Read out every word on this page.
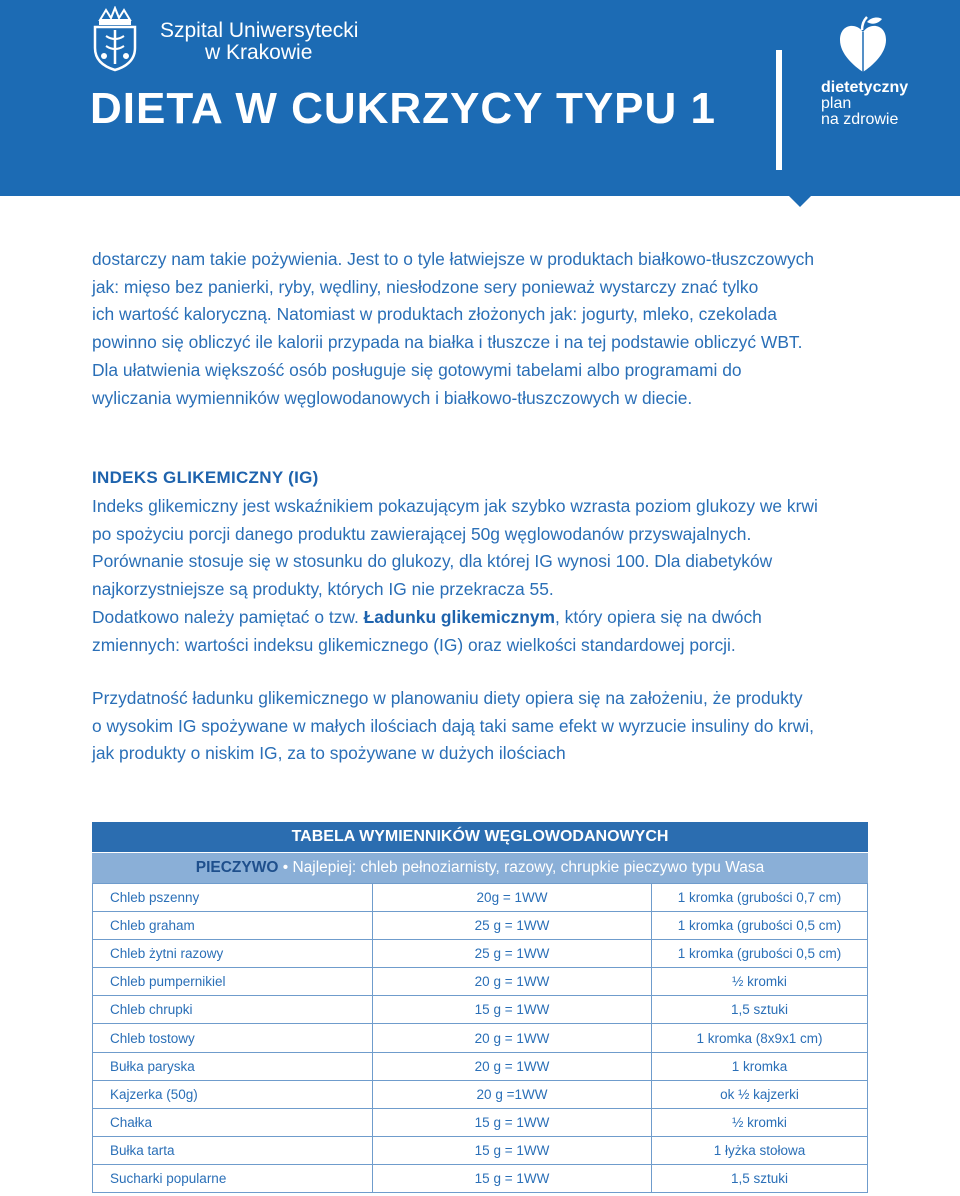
Szpital Uniwersytecki
w Krakowie
DIETA W CUKRZYCY TYPU 1	dietetyczny
plan
na zdrowie

dostarczy nam takie pożywienia. Jest to o tyle łatwiejsze w produktach białkowo-tłuszczowych

jak: mięso bez panierki, ryby, wędliny, niesłodzone sery ponieważ wystarczy znać tylko

ich wartość kaloryczną. Natomiast w produktach złożonych jak: jogurty, mleko, czekolada

powinno się obliczyć ile kalorii przypada na białka i tłuszcze i na tej podstawie obliczyć WBT.

Dla ułatwienia większość osób posługuje się gotowymi tabelami albo programami do

wyliczania wymienników węglowodanowych i białkowo-tłuszczowych w diecie.

INDEKS GLIKEMICZNY (IG)

Indeks glikemiczny jest wskaźnikiem pokazującym jak szybko wzrasta poziom glukozy we krwi

po spożyciu porcji danego produktu zawierającej 50g węglowodanów przyswajalnych.

Porównanie stosuje się w stosunku do glukozy, dla której IG wynosi 100. Dla diabetyków

najkorzystniejsze są produkty, których IG nie przekracza 55.

Dodatkowo należy pamiętać o tzw. Ładunku glikemicznym, który opiera się na dwóch

zmiennych: wartości indeksu glikemicznego (IG) oraz wielkości standardowej porcji.

Przydatność ładunku glikemicznego w planowaniu diety opiera się na założeniu, że produkty

o wysokim IG spożywane w małych ilościach dają taki same efekt w wyrzucie insuliny do krwi,

jak produkty o niskim IG, za to spożywane w dużych ilościach

TABELA WYMIENNIKÓW WĘGLOWODANOWYCH
PIECZYWO • Najlepiej: chleb pełnoziarnisty, razowy, chrupkie pieczywo typu Wasa
Chleb pszenny	20g = 1WW	1 kromka (grubości 0,7 cm)
Chleb graham	25 g = 1WW	1 kromka (grubości 0,5 cm)
Chleb żytni razowy	25 g = 1WW	1 kromka (grubości 0,5 cm)
Chleb pumpernikiel	20 g = 1WW	½ kromki
Chleb chrupki	15 g = 1WW	1,5 sztuki
Chleb tostowy	20 g = 1WW	1 kromka (8x9x1 cm)
Bułka paryska	20 g = 1WW	1 kromka
Kajzerka (50g)	20 g =1WW	ok ½ kajzerki
Chałka	15 g = 1WW	½ kromki
Bułka tarta	15 g = 1WW	1 łyżka stołowa
Sucharki popularne	15 g = 1WW	1,5 sztuki
